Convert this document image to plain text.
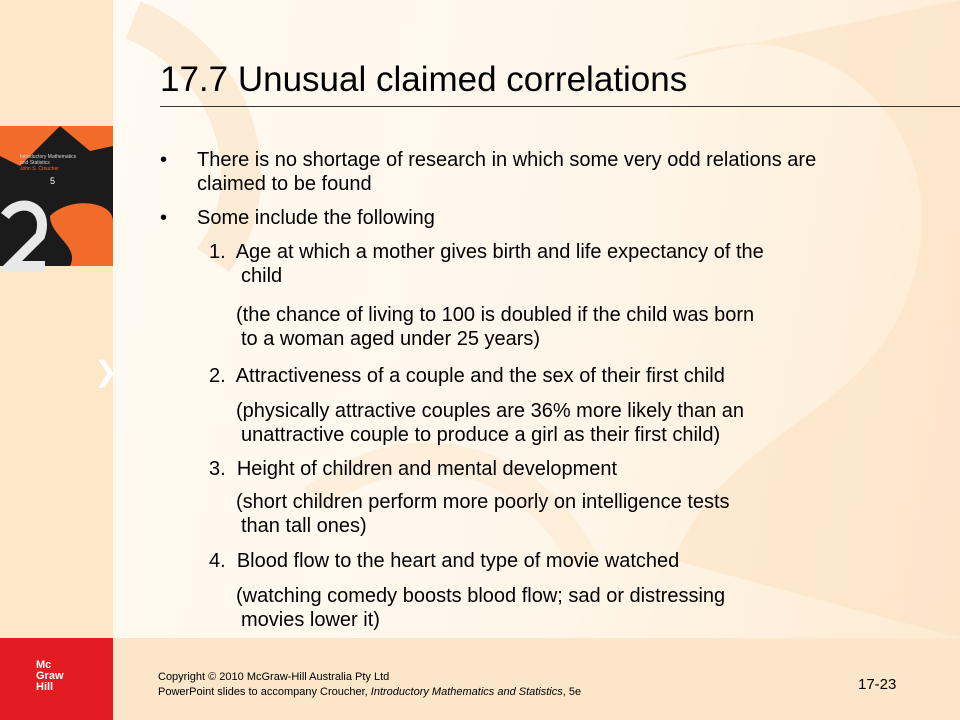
Introductory Mathematics
and Statistics
John S. Croucher
5
❯
17.7 Unusual claimed correlations
• There is no shortage of research in which some very odd relations are claimed to be found
• Some include the following
1. Age at which a mother gives birth and life expectancy of the
child
(the chance of living to 100 is doubled if the child was born
to a woman aged under 25 years)
2. Attractiveness of a couple and the sex of their first child
(physically attractive couples are 36% more likely than an
unattractive couple to produce a girl as their first child)
3. Height of children and mental development
(short children perform more poorly on intelligence tests
than tall ones)
4. Blood flow to the heart and type of movie watched
(watching comedy boosts blood flow; sad or distressing
movies lower it)
Mc
Graw
Hill
Copyright © 2010 McGraw-Hill Australia Pty Ltd
PowerPoint slides to accompany Croucher, Introductory Mathematics and Statistics, 5e	17-23
